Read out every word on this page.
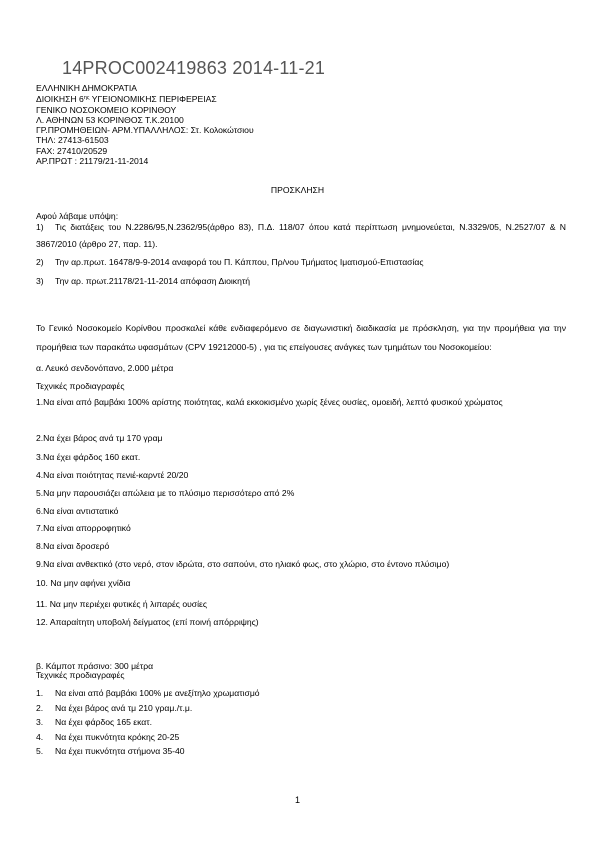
14PROC002419863 2014-11-21
ΕΛΛΗΝΙΚΗ ΔΗΜΟΚΡΑΤΙΑ
ΔΙΟΙΚΗΣΗ $6^{\eta\varsigma}$ ΥΓΕΙΟΝΟΜΙΚΗΣ ΠΕΡΙΦΕΡΕΙΑΣ
ΓΕΝΙΚΟ ΝΟΣΟΚΟΜΕΙΟ ΚΟΡΙΝΘΟΥ
Λ. ΑΘΗΝΩΝ 53 ΚΟΡΙΝΘΟΣ Τ.Κ.20100
ΓΡ.ΠΡΟΜΗΘΕΙΩΝ- ΑΡΜ.ΥΠΑΛΛΗΛΟΣ: Στ. Κολοκώτσιου
ΤΗΛ: 27413-61503
FAX: 27410/20529
ΑΡ.ΠΡΩΤ : 21179/21-11-2014
ΠΡΟΣΚΛΗΣΗ
Αφού λάβαμε υπόψη:
1) Τις διατάξεις του Ν.2286/95,Ν.2362/95(άρθρο 83), Π.Δ. 118/07 όπου κατά περίπτωση μνημονεύεται, Ν.3329/05, Ν.2527/07 & Ν 3867/2010 (άρθρο 27, παρ. 11).
2) Την αρ.πρωτ. 16478/9-9-2014 αναφορά του Π. Κάππου, Πρ/νου Τμήματος Ιματισμού-Επιστασίας
3) Την αρ. πρωτ.21178/21-11-2014 απόφαση Διοικητή
Το Γενικό Νοσοκομείο Κορίνθου προσκαλεί κάθε ενδιαφερόμενο σε διαγωνιστική διαδικασία με πρόσκληση, για την προμήθεια για την προμήθεια των παρακάτω υφασμάτων (CPV 19212000-5) , για τις επείγουσες ανάγκες των τμημάτων του Νοσοκομείου:
α. Λευκό σενδονόπανο, 2.000 μέτρα
Τεχνικές προδιαγραφές
1.Να είναι από βαμβάκι 100% αρίστης ποιότητας, καλά εκκοκισμένο χωρίς ξένες ουσίες, ομοειδή, λεπτό φυσικού χρώματος
2.Να έχει βάρος ανά τμ 170 γραμ
3.Να έχει φάρδος 160 εκατ.
4.Να είναι ποιότητας πενιέ-καρντέ 20/20
5.Να μην παρουσιάζει απώλεια με το πλύσιμο περισσότερο από 2%
6.Να είναι αντιστατικό
7.Να είναι απορροφητικό
8.Να είναι δροσερό
9.Να είναι ανθεκτικό (στο νερό, στον ιδρώτα, στο σαπούνι, στο ηλιακό φως, στο χλώριο, στο έντονο πλύσιμο)
10. Να μην αφήνει χνίδια
11. Να μην περιέχει φυτικές ή λιπαρές ουσίες
12. Απαραίτητη υποβολή δείγματος (επί ποινή απόρριψης)
β. Κάμποτ πράσινο: 300 μέτρα
Τεχνικές προδιαγραφές
1. Να είναι από βαμβάκι 100% με ανεξίτηλο χρωματισμό
2. Να έχει βάρος ανά τμ 210 γραμ./τ.μ.
3. Να έχει φάρδος 165 εκατ.
4. Να έχει πυκνότητα κρόκης 20-25
5. Να έχει πυκνότητα στήμονα 35-40
1
